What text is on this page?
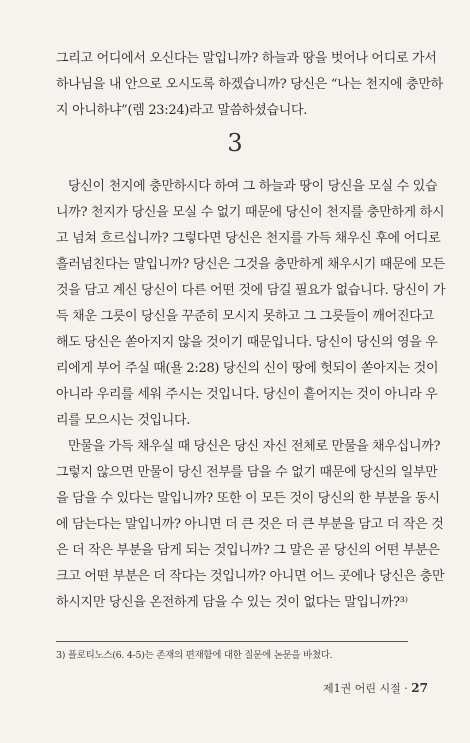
그리고 어디에서 오신다는 말입니까? 하늘과 땅을 벗어나 어디로 가서
하나님을 내 안으로 오시도록 하겠습니까? 당신은 “나는 천지에 충만하
지 아니하냐”(렘 23:24)라고 말씀하셨습니다.
3
당신이 천지에 충만하시다 하여 그 하늘과 땅이 당신을 모실 수 있습
니까? 천지가 당신을 모실 수 없기 때문에 당신이 천지를 충만하게 하시
고 넘쳐 흐르십니까? 그렇다면 당신은 천지를 가득 채우신 후에 어디로
흘러넘친다는 말입니까? 당신은 그것을 충만하게 채우시기 때문에 모든
것을 담고 계신 당신이 다른 어떤 것에 담길 필요가 없습니다. 당신이 가
득 채운 그릇이 당신을 꾸준히 모시지 못하고 그 그릇들이 깨어진다고
해도 당신은 쏟아지지 않을 것이기 때문입니다. 당신이 당신의 영을 우
리에게 부어 주실 때(욜 2:28) 당신의 신이 땅에 헛되이 쏟아지는 것이
아니라 우리를 세워 주시는 것입니다. 당신이 흩어지는 것이 아니라 우
리를 모으시는 것입니다.
만물을 가득 채우실 때 당신은 당신 자신 전체로 만물을 채우십니까?
그렇지 않으면 만물이 당신 전부를 담을 수 없기 때문에 당신의 일부만
을 담을 수 있다는 말입니까? 또한 이 모든 것이 당신의 한 부분을 동시
에 담는다는 말입니까? 아니면 더 큰 것은 더 큰 부분을 담고 더 작은 것
은 더 작은 부분을 담게 되는 것입니까? 그 말은 곧 당신의 어떤 부분은
크고 어떤 부분은 더 작다는 것입니까? 아니면 어느 곳에나 당신은 충만
하시지만 당신을 온전하게 담을 수 있는 것이 없다는 말입니까?³⁾
3) 플로티노스(6. 4-5)는 존재의 편재함에 대한 질문에 논문을 바쳤다.
제1권 어린 시절 · 27
